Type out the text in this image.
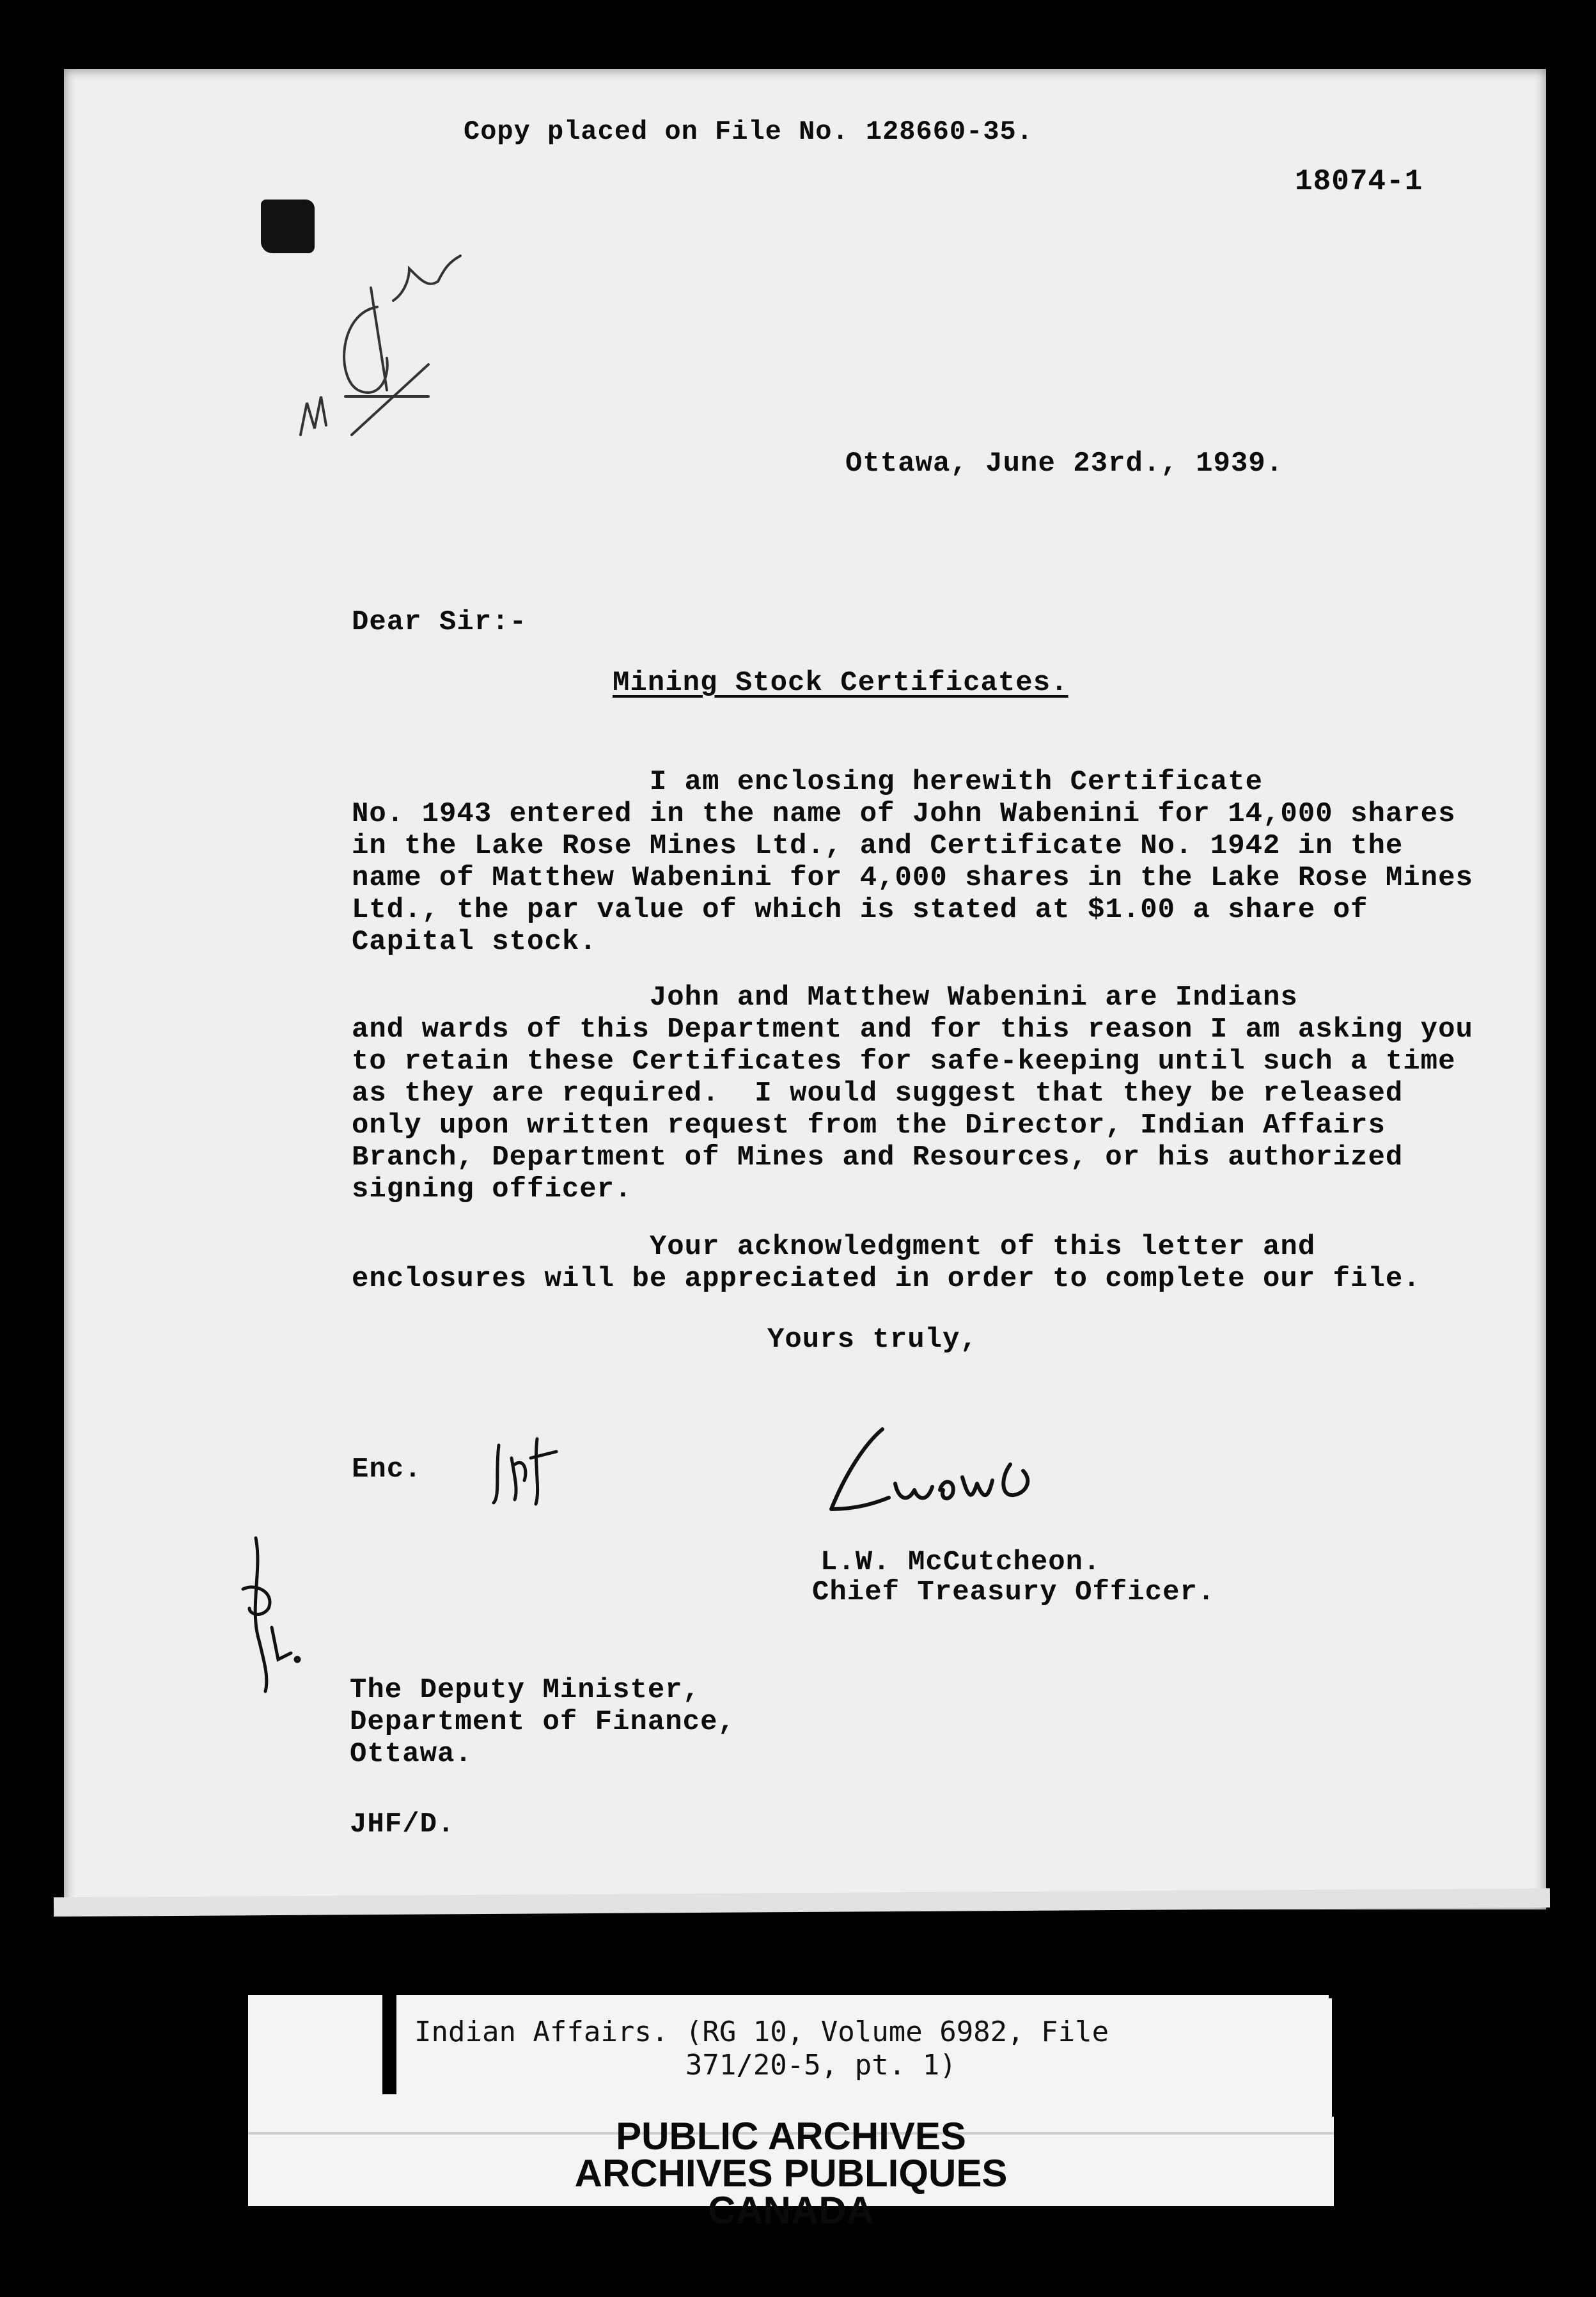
Copy placed on File No. 128660-35.
18074-1
Ottawa, June 23rd., 1939.
Dear Sir:-
Mining Stock Certificates.
I am enclosing herewith Certificate
No. 1943 entered in the name of John Wabenini for 14,000 shares
in the Lake Rose Mines Ltd., and Certificate No. 1942 in the
name of Matthew Wabenini for 4,000 shares in the Lake Rose Mines
Ltd., the par value of which is stated at $1.00 a share of
Capital stock.
John and Matthew Wabenini are Indians
and wards of this Department and for this reason I am asking you
to retain these Certificates for safe-keeping until such a time
as they are required.  I would suggest that they be released
only upon written request from the Director, Indian Affairs
Branch, Department of Mines and Resources, or his authorized
signing officer.
Your acknowledgment of this letter and
enclosures will be appreciated in order to complete our file.
Yours truly,
Enc.
L.W. McCutcheon.
Chief Treasury Officer.
The Deputy Minister,
Department of Finance,
Ottawa.
JHF/D.
Indian Affairs. (RG 10, Volume 6982, File
371/20-5, pt. 1)
PUBLIC ARCHIVES
ARCHIVES PUBLIQUES
CANADA
